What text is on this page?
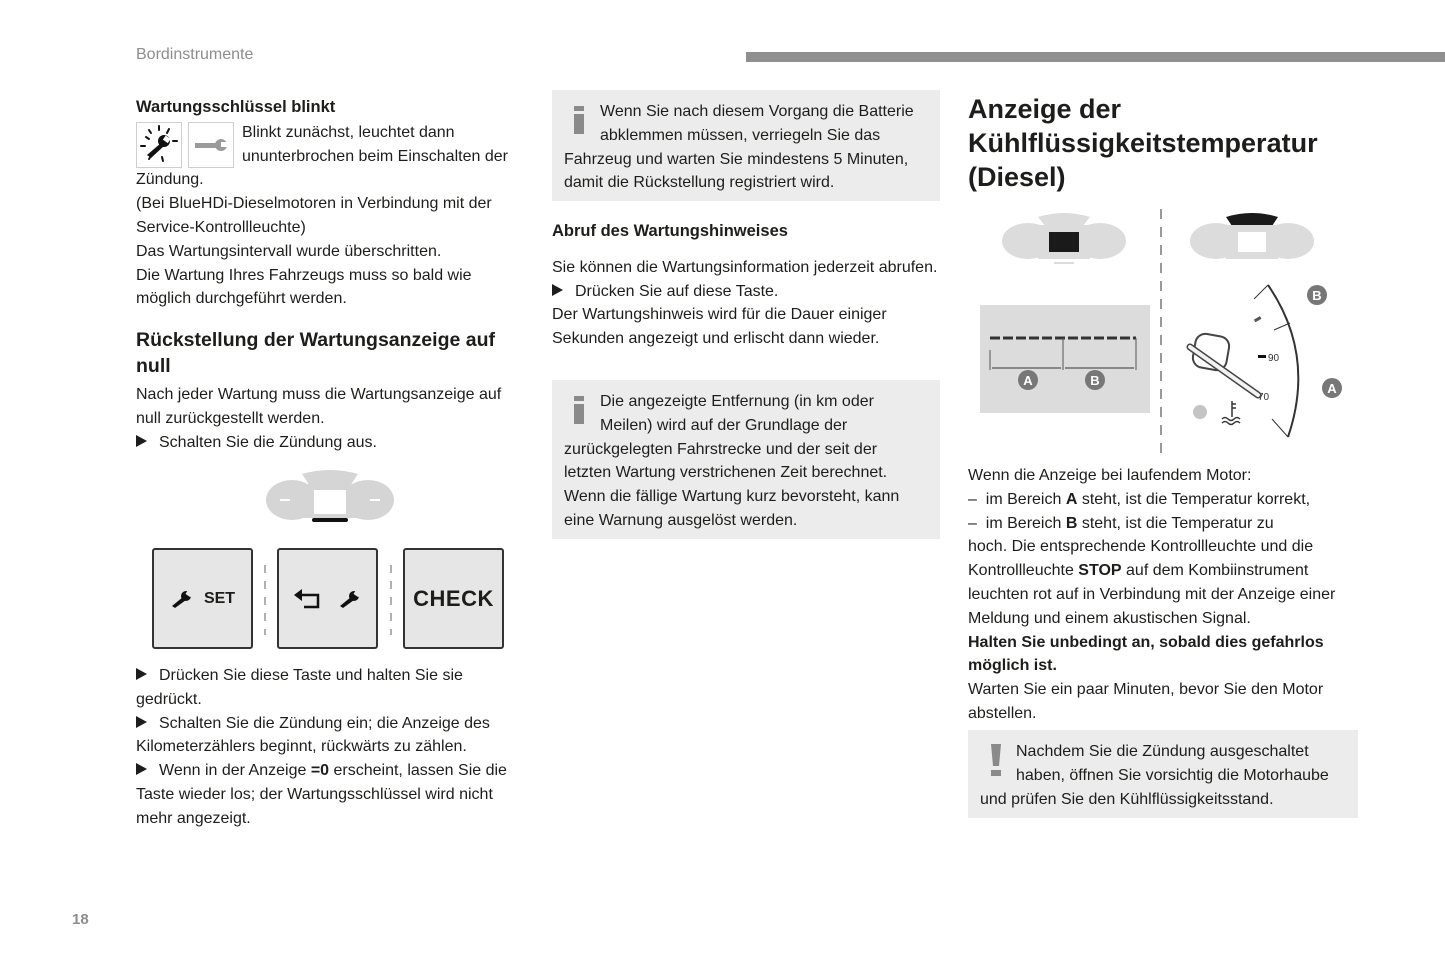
Bordinstrumente
Wartungsschlüssel blinkt

Blinkt zunächst, leuchtet dann

ununterbrochen beim Einschalten der

Zündung.

(Bei BlueHDi-Dieselmotoren in Verbindung mit der Service-Kontrollleuchte)

Das Wartungsintervall wurde überschritten.

Die Wartung Ihres Fahrzeugs muss so bald wie möglich durchgeführt werden.

Rückstellung der Wartungsanzeige auf null

Nach jeder Wartung muss die Wartungsanzeige auf null zurückgestellt werden.

Schalten Sie die Zündung aus.

SET	CHECK

Drücken Sie diese Taste und halten Sie sie gedrückt.

Schalten Sie die Zündung ein; die Anzeige des Kilometerzählers beginnt, rückwärts zu zählen.

Wenn in der Anzeige =0 erscheint, lassen Sie die Taste wieder los; der Wartungsschlüssel wird nicht mehr angezeigt.

Wenn Sie nach diesem Vorgang die Batterie abklemmen müssen, verriegeln Sie das Fahrzeug und warten Sie mindestens 5 Minuten, damit die Rückstellung registriert wird.

Abruf des Wartungshinweises

Sie können die Wartungsinformation jederzeit abrufen.

Drücken Sie auf diese Taste.

Der Wartungshinweis wird für die Dauer einiger Sekunden angezeigt und erlischt dann wieder.

Die angezeigte Entfernung (in km oder Meilen) wird auf der Grundlage der zurückgelegten Fahrstrecke und der seit der letzten Wartung verstrichenen Zeit berechnet. Wenn die fällige Wartung kurz bevorsteht, kann eine Warnung ausgelöst werden.

Anzeige der Kühlflüssigkeitstemperatur (Diesel)
A	B
90
70
B
A

Wenn die Anzeige bei laufendem Motor:

–  im Bereich A steht, ist die Temperatur korrekt,

–  im Bereich B steht, ist die Temperatur zu

hoch. Die entsprechende Kontrollleuchte und die Kontrollleuchte STOP auf dem Kombiinstrument leuchten rot auf in Verbindung mit der Anzeige einer Meldung und einem akustischen Signal.

Halten Sie unbedingt an, sobald dies gefahrlos möglich ist.

Warten Sie ein paar Minuten, bevor Sie den Motor abstellen.

Nachdem Sie die Zündung ausgeschaltet haben, öffnen Sie vorsichtig die Motorhaube und prüfen Sie den Kühlflüssigkeitsstand.

18
